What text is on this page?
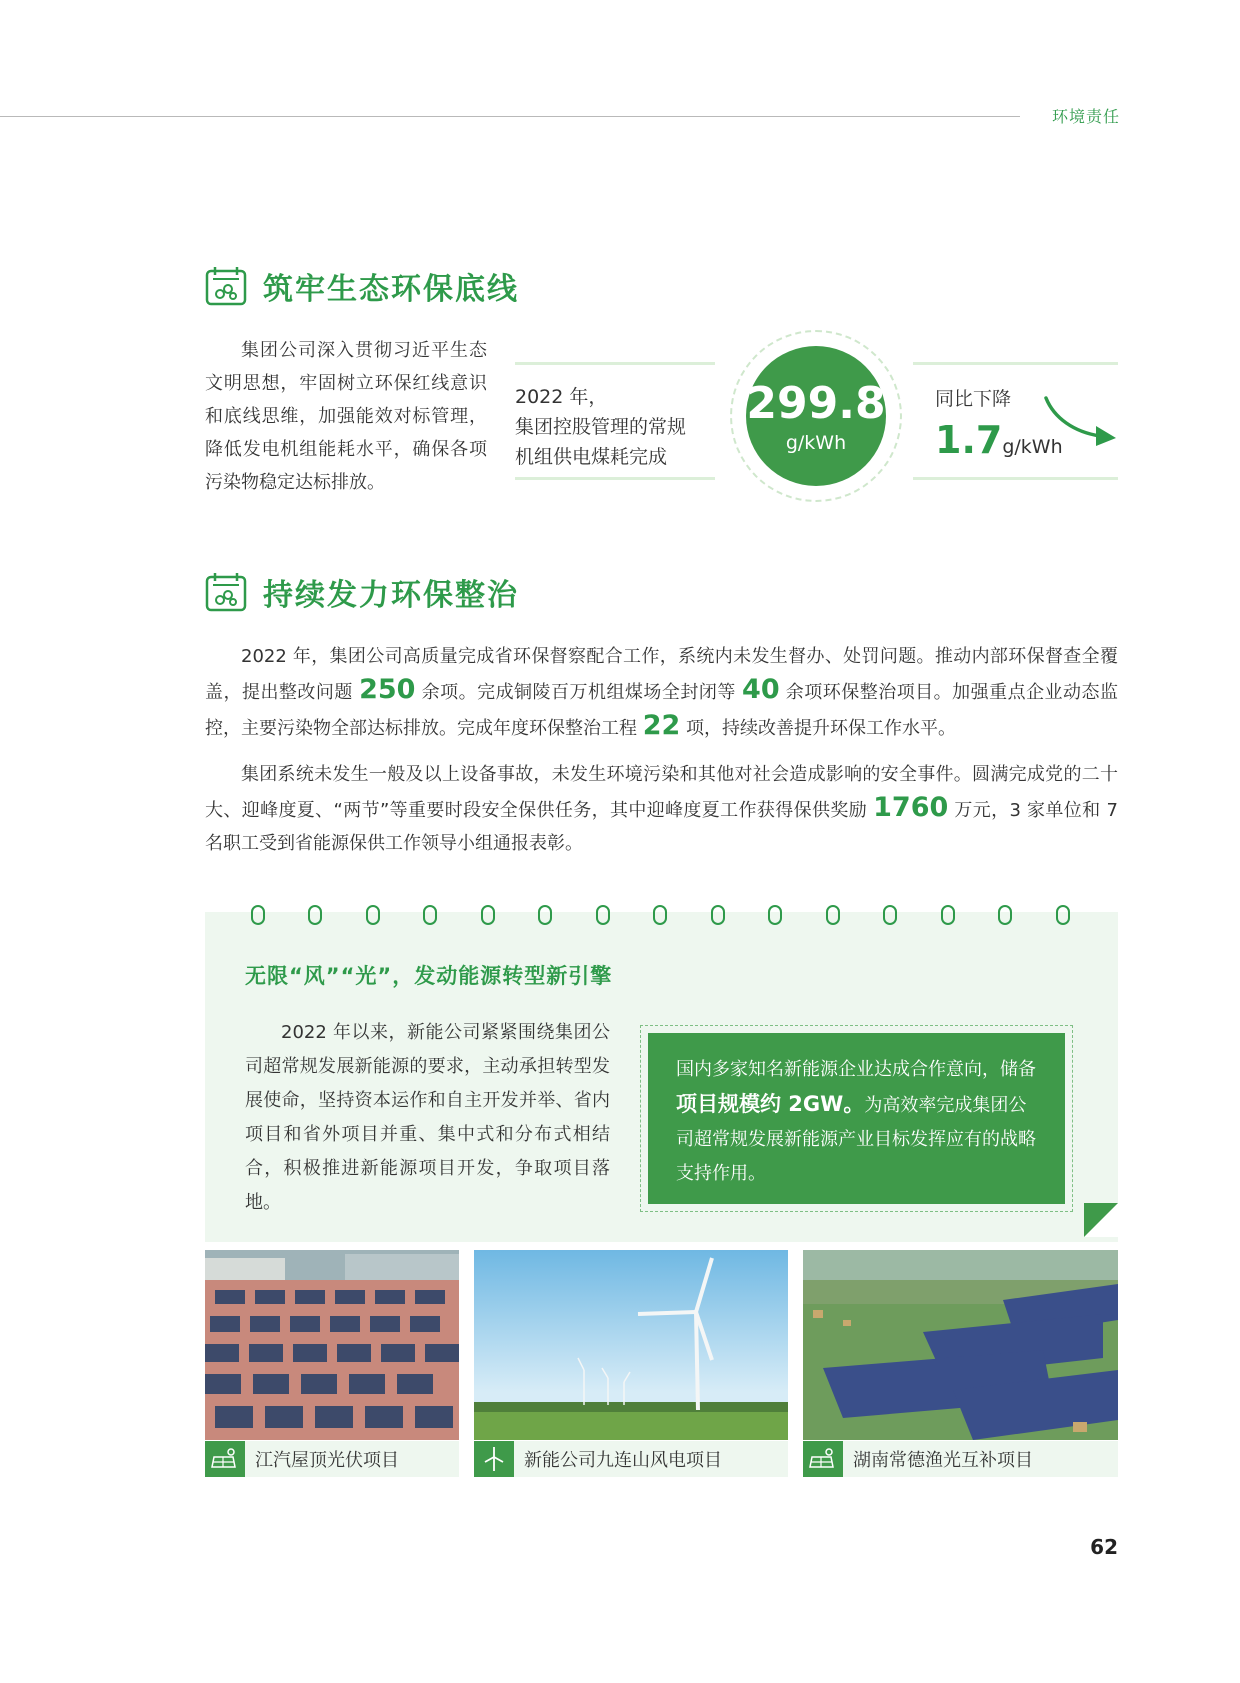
环境责任
筑牢生态环保底线
集团公司深入贯彻习近平生态文明思想，牢固树立环保红线意识和底线思维，加强能效对标管理，降低发电机组能耗水平，确保各项污染物稳定达标排放。
2022 年，
集团控股管理的常规
机组供电煤耗完成
299.8
g/kWh
同比下降
1.7g/kWh
持续发力环保整治
2022 年，集团公司高质量完成省环保督察配合工作，系统内未发生督办、处罚问题。推动内部环保督查全覆盖，提出整改问题 250 余项。完成铜陵百万机组煤场全封闭等 40 余项环保整治项目。加强重点企业动态监控，主要污染物全部达标排放。完成年度环保整治工程 22 项，持续改善提升环保工作水平。
集团系统未发生一般及以上设备事故，未发生环境污染和其他对社会造成影响的安全事件。圆满完成党的二十大、迎峰度夏、“两节”等重要时段安全保供任务，其中迎峰度夏工作获得保供奖励 1760 万元，3 家单位和 7 名职工受到省能源保供工作领导小组通报表彰。
无限“风”“光”，发动能源转型新引擎
2022 年以来，新能公司紧紧围绕集团公司超常规发展新能源的要求，主动承担转型发展使命，坚持资本运作和自主开发并举、省内项目和省外项目并重、集中式和分布式相结合，积极推进新能源项目开发，争取项目落地。
国内多家知名新能源企业达成合作意向，储备项目规模约 2GW。为高效率完成集团公司超常规发展新能源产业目标发挥应有的战略支持作用。
江汽屋顶光伏项目	新能公司九连山风电项目	湖南常德渔光互补项目
62
